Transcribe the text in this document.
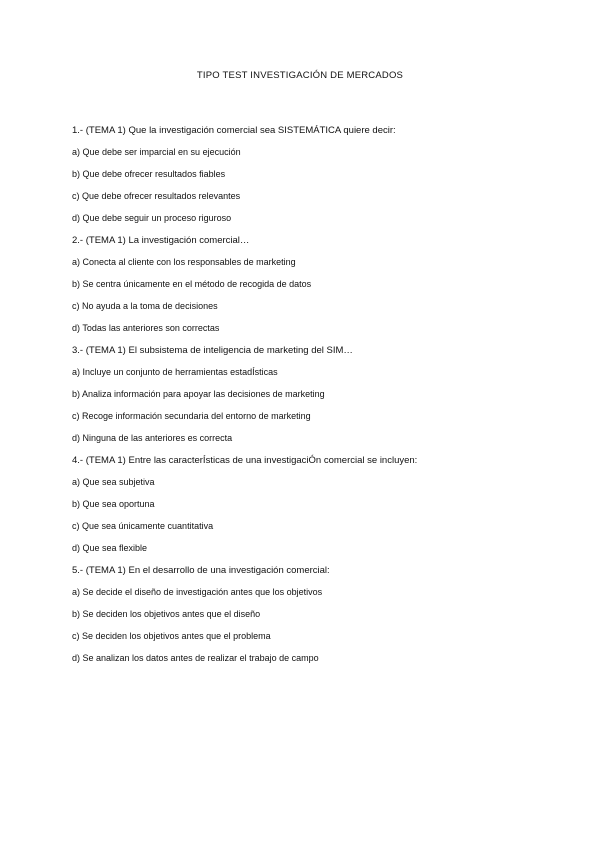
TIPO TEST INVESTIGACIÓN DE MERCADOS
1.- (TEMA 1) Que la investigación comercial sea SISTEMÁTICA quiere decir:
a) Que debe ser imparcial en su ejecución
b) Que debe ofrecer resultados fiables
c) Que debe ofrecer resultados relevantes
d) Que debe seguir un proceso riguroso
2.- (TEMA 1) La investigación comercial…
a) Conecta al cliente con los responsables de marketing
b) Se centra únicamente en el método de recogida de datos
c) No ayuda a la toma de decisiones
d) Todas las anteriores son correctas
3.- (TEMA 1) El subsistema de inteligencia de marketing del SIM…
a) Incluye un conjunto de herramientas estadÍsticas
b) Analiza información para apoyar las decisiones de marketing
c) Recoge información secundaria del entorno de marketing
d) Ninguna de las anteriores es correcta
4.- (TEMA 1) Entre las caracterÍsticas de una investigaciÓn comercial se incluyen:
a) Que sea subjetiva
b) Que sea oportuna
c) Que sea únicamente cuantitativa
d) Que sea flexible
5.- (TEMA 1) En el desarrollo de una investigación comercial:
a) Se decide el diseño de investigación antes que los objetivos
b) Se deciden los objetivos antes que el diseño
c) Se deciden los objetivos antes que el problema
d) Se analizan los datos antes de realizar el trabajo de campo
